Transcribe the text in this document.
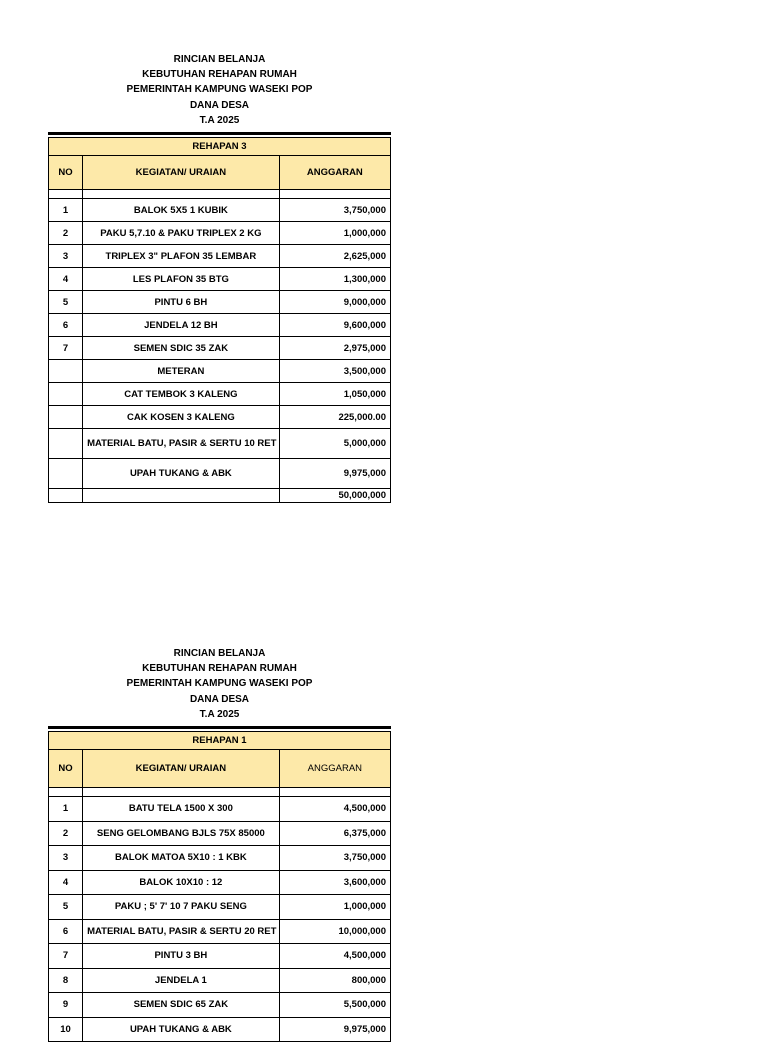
RINCIAN BELANJA
KEBUTUHAN REHAPAN RUMAH
PEMERINTAH KAMPUNG WASEKI POP
DANA DESA
T.A 2025
REHAPAN 3		
NO	KEGIATAN/ URAIAN	ANGGARAN

1	BALOK 5X5 1 KUBIK	3,750,000
2	PAKU 5,7.10 & PAKU TRIPLEX 2 KG	1,000,000
3	TRIPLEX 3" PLAFON 35 LEMBAR	2,625,000
4	LES PLAFON 35 BTG	1,300,000
5	PINTU 6 BH	9,000,000
6	JENDELA 12 BH	9,600,000
7	SEMEN SDIC 35 ZAK	2,975,000
	METERAN	3,500,000
	CAT TEMBOK 3 KALENG	1,050,000
	CAK KOSEN 3 KALENG	225,000.00
	MATERIAL BATU, PASIR & SERTU 10 RET	5,000,000
	UPAH TUKANG & ABK	9,975,000
		50,000,000
RINCIAN BELANJA
KEBUTUHAN REHAPAN RUMAH
PEMERINTAH KAMPUNG WASEKI POP
DANA DESA
T.A 2025
REHAPAN 1		
NO	KEGIATAN/ URAIAN	ANGGARAN

1	BATU TELA 1500 X 300	4,500,000
2	SENG GELOMBANG BJLS 75X 85000	6,375,000
3	BALOK MATOA 5X10 : 1 KBK	3,750,000
4	BALOK 10X10 : 12	3,600,000
5	PAKU ; 5' 7' 10 7 PAKU SENG	1,000,000
6	MATERIAL BATU, PASIR & SERTU 20 RET	10,000,000
7	PINTU 3 BH	4,500,000
8	JENDELA 1	800,000
9	SEMEN SDIC 65 ZAK	5,500,000
10	UPAH TUKANG & ABK	9,975,000
